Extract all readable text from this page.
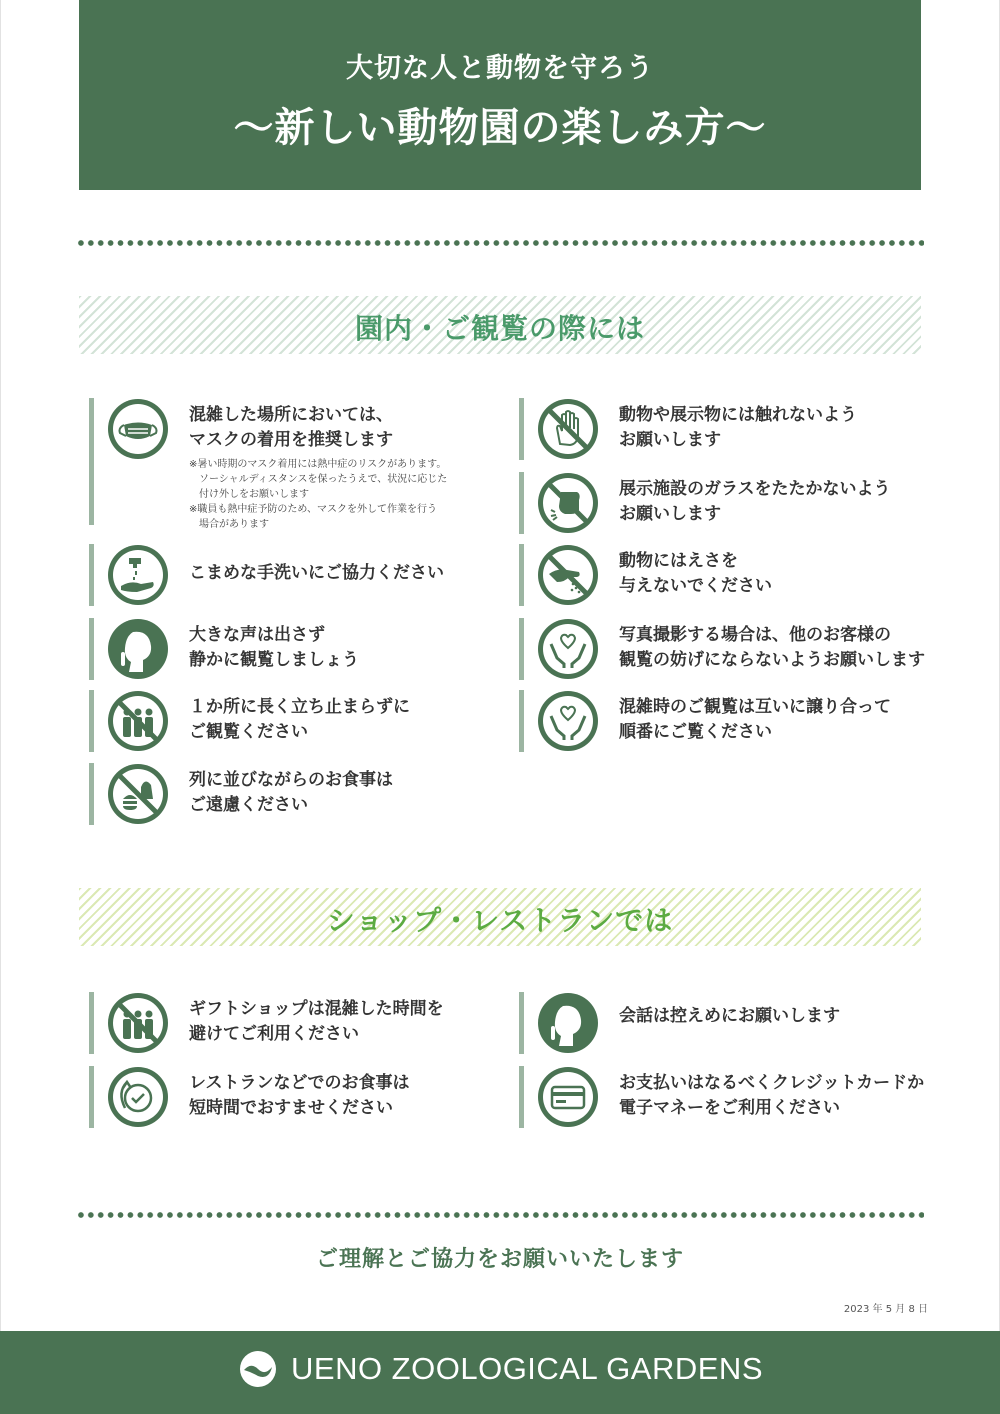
大切な人と動物を守ろう
～新しい動物園の楽しみ方～
園内・ご観覧の際には
混雑した場所においては、
マスクの着用を推奨します
※暑い時期のマスク着用には熱中症のリスクがあります。
　ソーシャルディスタンスを保ったうえで、状況に応じた
　付け外しをお願いします
※職員も熱中症予防のため、マスクを外して作業を行う
　場合があります
こまめな手洗いにご協力ください
大きな声は出さず
静かに観覧しましょう
１か所に長く立ち止まらずに
ご観覧ください
列に並びながらのお食事は
ご遠慮ください
動物や展示物には触れないよう
お願いします
展示施設のガラスをたたかないよう
お願いします
動物にはえさを
与えないでください
写真撮影する場合は、他のお客様の
観覧の妨げにならないようお願いします
混雑時のご観覧は互いに譲り合って
順番にご覧ください
ショップ・レストランでは
ギフトショップは混雑した時間を
避けてご利用ください
レストランなどでのお食事は
短時間でおすませください
会話は控えめにお願いします
お支払いはなるべくクレジットカードか
電子マネーをご利用ください
ご理解とご協力をお願いいたします
2023 年 5 月 8 日
UENO ZOOLOGICAL GARDENS
